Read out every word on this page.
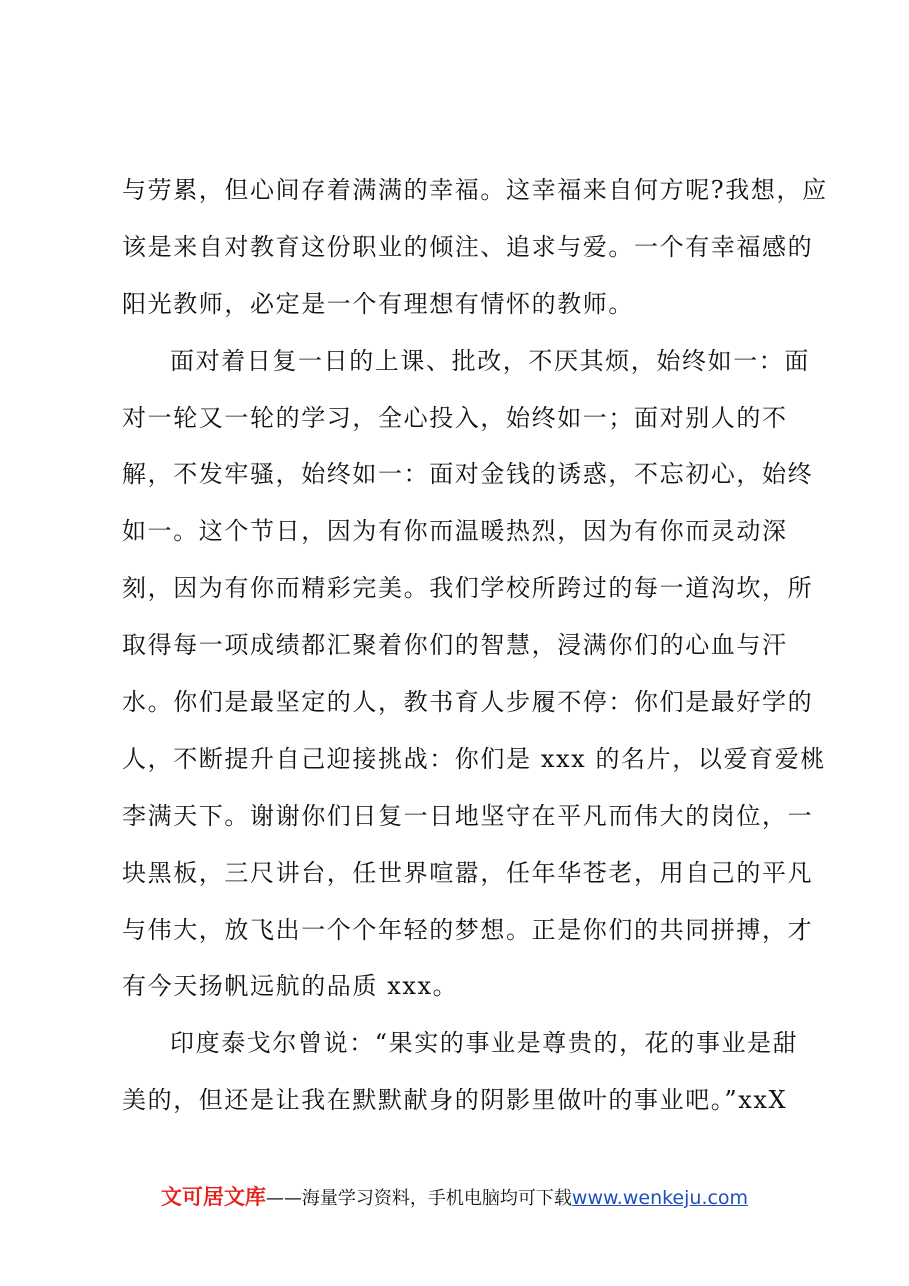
与劳累，但心间存着满满的幸福。这幸福来自何方呢?我想，应
该是来自对教育这份职业的倾注、追求与爱。一个有幸福感的
阳光教师，必定是一个有理想有情怀的教师。
面对着日复一日的上课、批改，不厌其烦，始终如一：面
对一轮又一轮的学习，全心投入，始终如一；面对别人的不
解，不发牢骚，始终如一：面对金钱的诱惑，不忘初心，始终
如一。这个节日，因为有你而温暖热烈，因为有你而灵动深
刻，因为有你而精彩完美。我们学校所跨过的每一道沟坎，所
取得每一项成绩都汇聚着你们的智慧，浸满你们的心血与汗
水。你们是最坚定的人，教书育人步履不停：你们是最好学的
人，不断提升自己迎接挑战：你们是 xxx 的名片，以爱育爱桃
李满天下。谢谢你们日复一日地坚守在平凡而伟大的岗位，一
块黑板，三尺讲台，任世界喧嚣，任年华苍老，用自己的平凡
与伟大，放飞出一个个年轻的梦想。正是你们的共同拼搏，才
有今天扬帆远航的品质 xxx。
印度泰戈尔曾说：“果实的事业是尊贵的，花的事业是甜
美的，但还是让我在默默献身的阴影里做叶的事业吧。”xxX
文可居文库——海量学习资料，手机电脑均可下载www.wenkeju.com
